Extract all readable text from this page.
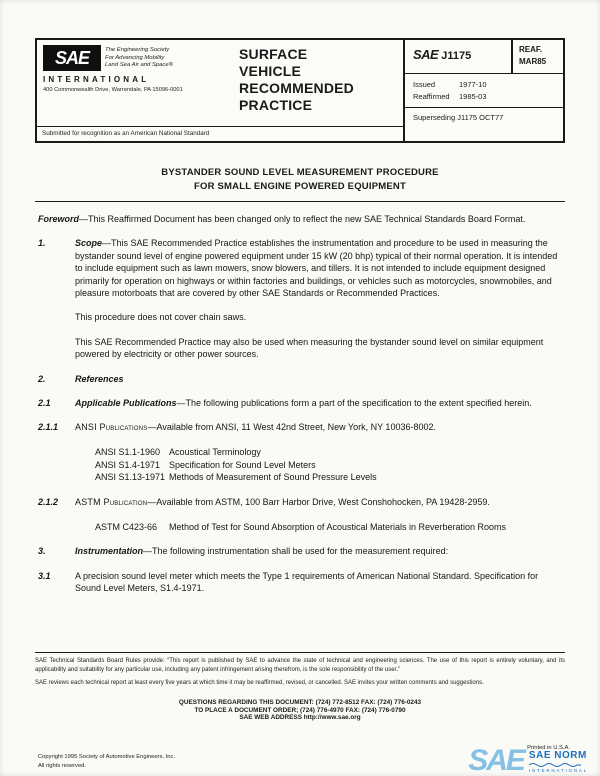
SAE	The Engineering Society
For Advancing Mobility
Land Sea Air and Space®
INTERNATIONAL
400 Commonwealth Drive, Warrendale, PA 15096-0001
SURFACE
VEHICLE
RECOMMENDED
PRACTICE
Submitted for recognition as an American National Standard
SAE J1175
REAF.
MAR85
Issued	1977-10
Reaffirmed 1985-03
Superseding J1175 OCT77
BYSTANDER SOUND LEVEL MEASUREMENT PROCEDURE
FOR SMALL ENGINE POWERED EQUIPMENT

Foreword—This Reaffirmed Document has been changed only to reflect the new SAE Technical Standards Board Format.

1.	Scope—This SAE Recommended Practice establishes the instrumentation and procedure to be used in measuring the bystander sound level of engine powered equipment under 15 kW (20 bhp) typical of their normal operation. It is intended to include equipment such as lawn mowers, snow blowers, and tillers. It is not intended to include equipment designed primarily for operation on highways or within factories and buildings, or vehicles such as motorcycles, snowmobiles, and pleasure motorboats that are covered by other SAE Standards or Recommended Practices.

This procedure does not cover chain saws.

This SAE Recommended Practice may also be used when measuring the bystander sound level on similar equipment powered by electricity or other power sources.

2.	References

2.1	Applicable Publications—The following publications form a part of the specification to the extent specified herein.

2.1.1	ANSI Publications—Available from ANSI, 11 West 42nd Street, New York, NY 10036-8002.

ANSI S1.1-1960 Acoustical Terminology
ANSI S1.4-1971 Specification for Sound Level Meters
ANSI S1.13-1971 Methods of Measurement of Sound Pressure Levels
2.1.2	ASTM Publication—Available from ASTM, 100 Barr Harbor Drive, West Conshohocken, PA 19428-2959.

ASTM C423-66	Method of Test for Sound Absorption of Acoustical Materials in Reverberation Rooms
3.	Instrumentation—The following instrumentation shall be used for the measurement required:

3.1	A precision sound level meter which meets the Type 1 requirements of American National Standard. Specification for Sound Level Meters, S1.4-1971.

SAE Technical Standards Board Rules provide: “This report is published by SAE to advance the state of technical and engineering sciences. The use of this report is entirely voluntary, and its applicability and suitability for any particular use, including any patent infringement arising therefrom, is the sole responsibility of the user.”

SAE reviews each technical report at least every five years at which time it may be reaffirmed, revised, or cancelled. SAE invites your written comments and suggestions.

QUESTIONS REGARDING THIS DOCUMENT: (724) 772-8512 FAX: (724) 776-0243
TO PLACE A DOCUMENT ORDER; (724) 776-4970 FAX: (724) 776-0790
SAE WEB ADDRESS http://www.sae.org
Copyright 1995 Society of Automotive Engineers, Inc.
All rights reserved.
Printed in U.S.A.
SAE SAE NORM
INTERNATIONAL
